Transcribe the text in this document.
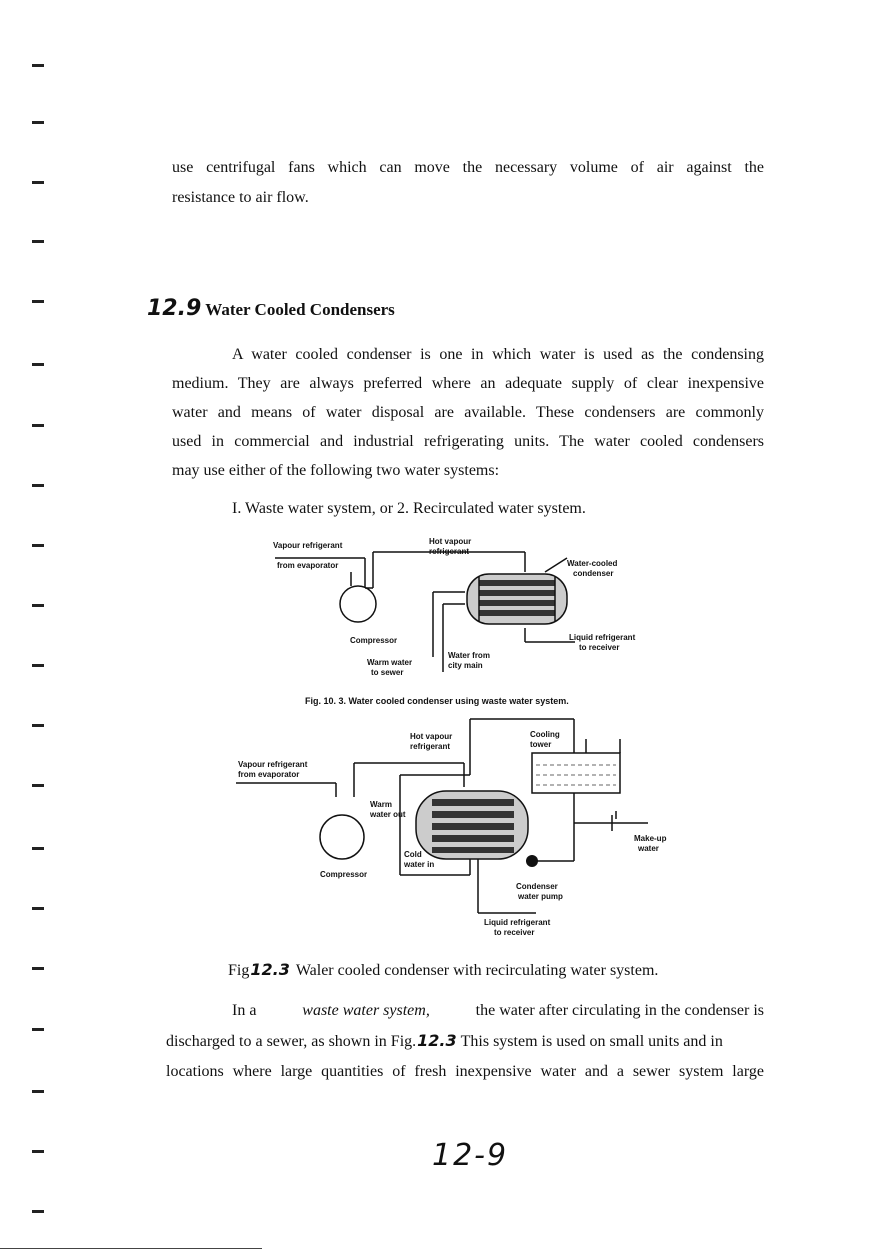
use centrifugal fans which can move the necessary volume of air against the

resistance to air flow.

12.9 Water Cooled Condensers

A water cooled condenser is one in which water is used as the condensing

medium. They are always preferred where an adequate supply of clear inexpensive

water and means of water disposal are available. These condensers are commonly

used in commercial and industrial refrigerating units. The water cooled condensers

may use either of the following two water systems:

I. Waste water system, or 2. Recirculated water system.

Vapour refrigerant
from evaporator
Hot vapour
refrigerant
Water-cooled
condenser
Compressor	Liquid refrigerant
to receiver
Warm water
to sewer
Water from
city main
Fig. 10. 3. Water cooled condenser using waste water system.
Cooling
tower
Hot vapour
refrigerant
Vapour refrigerant
from evaporator
Warm
water out
Make-up
water
Cold
water in
Compressor
Condenser
water pump
Liquid refrigerant
to receiver
Fig 12.3 Waler cooled condenser with recirculating water system.
In a	waste water system,	the water after circulating in the condenser is
discharged to a sewer, as shown in Fig. 12.3 This system is used on small units and in

locations where large quantities of fresh inexpensive water and a sewer system large

12-9
